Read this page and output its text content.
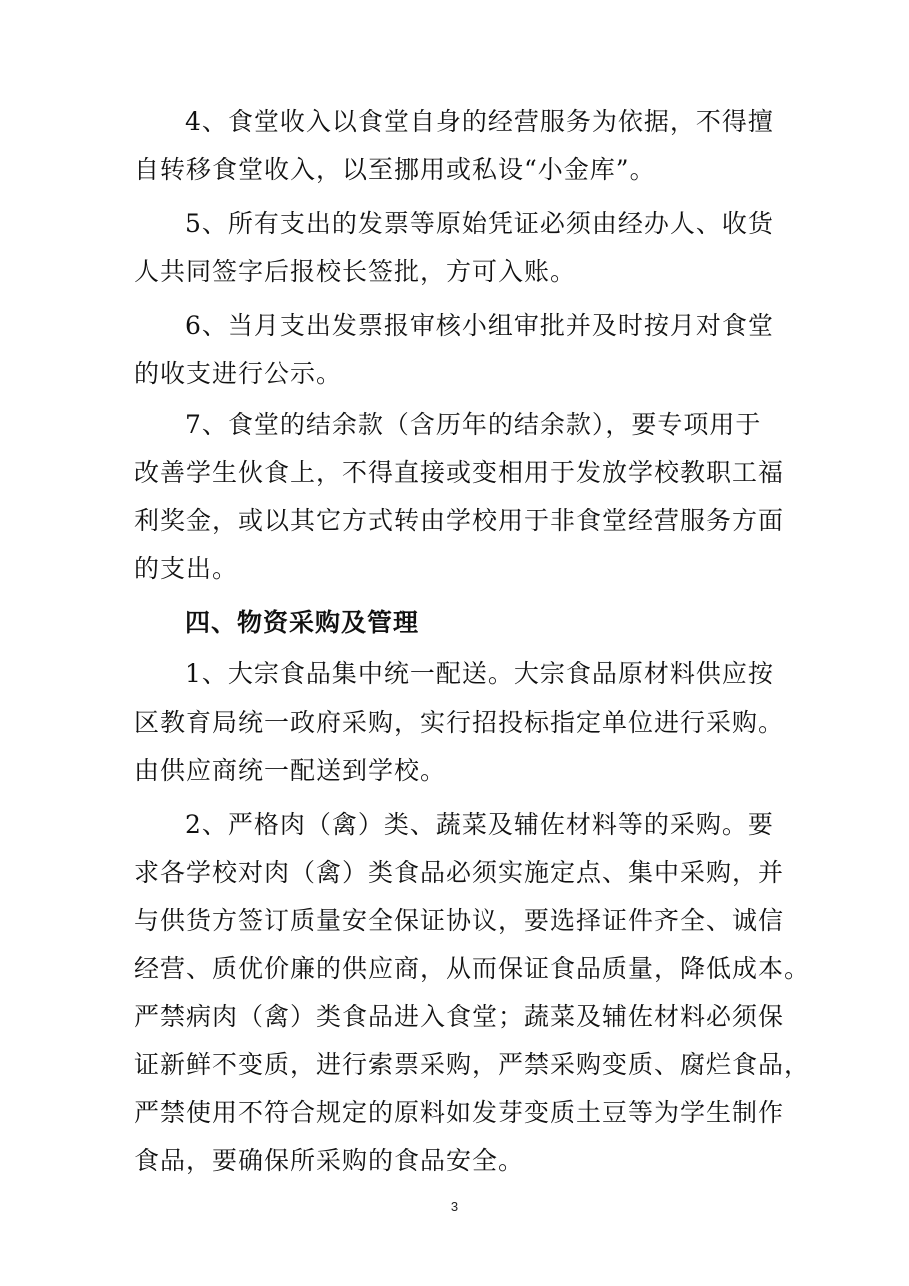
4、食堂收入以食堂自身的经营服务为依据，不得擅
自转移食堂收入，以至挪用或私设“小金库”。
5、所有支出的发票等原始凭证必须由经办人、收货
人共同签字后报校长签批，方可入账。
6、当月支出发票报审核小组审批并及时按月对食堂
的收支进行公示。
7、食堂的结余款（含历年的结余款），要专项用于
改善学生伙食上，不得直接或变相用于发放学校教职工福
利奖金，或以其它方式转由学校用于非食堂经营服务方面
的支出。
四、物资采购及管理
1、大宗食品集中统一配送。大宗食品原材料供应按
区教育局统一政府采购，实行招投标指定单位进行采购。
由供应商统一配送到学校。
2、严格肉（禽）类、蔬菜及辅佐材料等的采购。要
求各学校对肉（禽）类食品必须实施定点、集中采购，并
与供货方签订质量安全保证协议，要选择证件齐全、诚信
经营、质优价廉的供应商，从而保证食品质量，降低成本。
严禁病肉（禽）类食品进入食堂；蔬菜及辅佐材料必须保
证新鲜不变质，进行索票采购，严禁采购变质、腐烂食品，
严禁使用不符合规定的原料如发芽变质土豆等为学生制作
食品，要确保所采购的食品安全。
3
